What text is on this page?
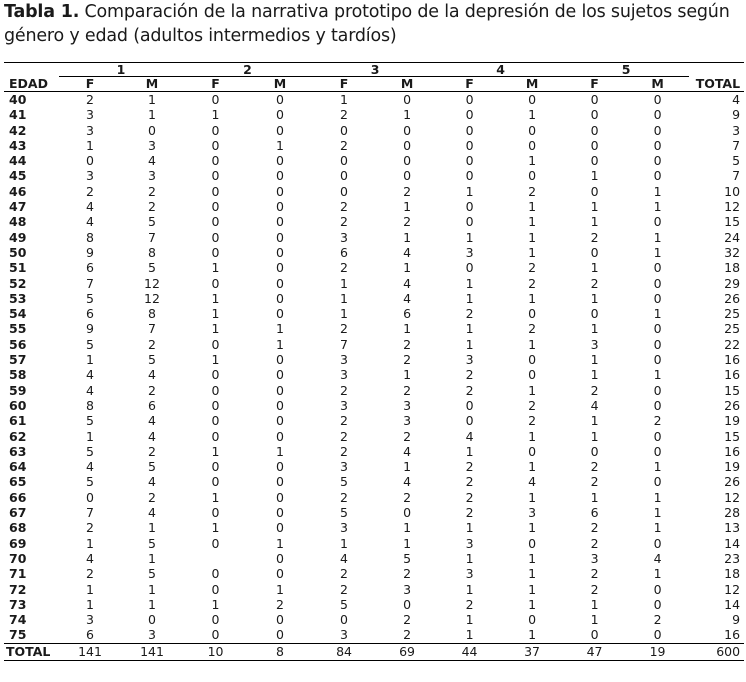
Tabla 1. Comparación de la narrativa prototipo de la depresión de los sujetos según género y edad (adultos intermedios y tardíos)
	1		2		3		4		5		
EDAD	F	M	F	M	F	M	F	M	F	M	TOTAL
40	2	1	0	0	1	0	0	0	0	0	4
41	3	1	1	0	2	1	0	1	0	0	9
42	3	0	0	0	0	0	0	0	0	0	3
43	1	3	0	1	2	0	0	0	0	0	7
44	0	4	0	0	0	0	0	1	0	0	5
45	3	3	0	0	0	0	0	0	1	0	7
46	2	2	0	0	0	2	1	2	0	1	10
47	4	2	0	0	2	1	0	1	1	1	12
48	4	5	0	0	2	2	0	1	1	0	15
49	8	7	0	0	3	1	1	1	2	1	24
50	9	8	0	0	6	4	3	1	0	1	32
51	6	5	1	0	2	1	0	2	1	0	18
52	7	12	0	0	1	4	1	2	2	0	29
53	5	12	1	0	1	4	1	1	1	0	26
54	6	8	1	0	1	6	2	0	0	1	25
55	9	7	1	1	2	1	1	2	1	0	25
56	5	2	0	1	7	2	1	1	3	0	22
57	1	5	1	0	3	2	3	0	1	0	16
58	4	4	0	0	3	1	2	0	1	1	16
59	4	2	0	0	2	2	2	1	2	0	15
60	8	6	0	0	3	3	0	2	4	0	26
61	5	4	0	0	2	3	0	2	1	2	19
62	1	4	0	0	2	2	4	1	1	0	15
63	5	2	1	1	2	4	1	0	0	0	16
64	4	5	0	0	3	1	2	1	2	1	19
65	5	4	0	0	5	4	2	4	2	0	26
66	0	2	1	0	2	2	2	1	1	1	12
67	7	4	0	0	5	0	2	3	6	1	28
68	2	1	1	0	3	1	1	1	2	1	13
69	1	5	0	1	1	1	3	0	2	0	14
70	4	1		0	4	5	1	1	3	4	23
71	2	5	0	0	2	2	3	1	2	1	18
72	1	1	0	1	2	3	1	1	2	0	12
73	1	1	1	2	5	0	2	1	1	0	14
74	3	0	0	0	0	2	1	0	1	2	9
75	6	3	0	0	3	2	1	1	0	0	16
TOTAL	141	141	10	8	84	69	44	37	47	19	600
